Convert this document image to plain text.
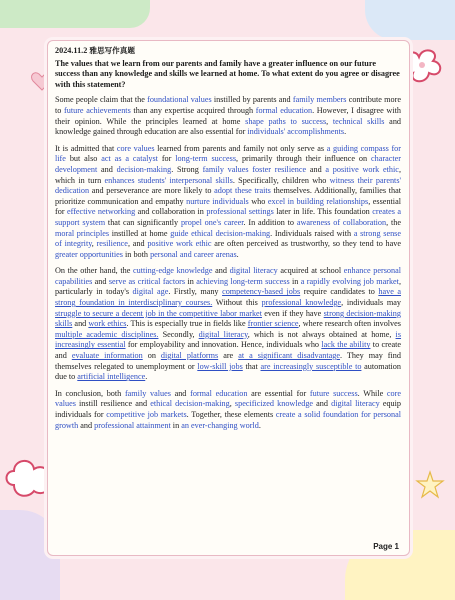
2024.11.2 雅思写作真题
The values that we learn from our parents and family have a greater influence on our future success than any knowledge and skills we learned at home. To what extent do you agree or disagree with this statement?

Some people claim that the foundational values instilled by parents and family members contribute more to future achievements than any expertise acquired through formal education. However, I disagree with their opinion. While the principles learned at home shape paths to success, technical skills and knowledge gained through education are also essential for individuals' accomplishments.

It is admitted that core values learned from parents and family not only serve as a guiding compass for life but also act as a catalyst for long-term success, primarily through their influence on character development and decision-making. Strong family values foster resilience and a positive work ethic, which in turn enhances students' interpersonal skills. Specifically, children who witness their parents' dedication and perseverance are more likely to adopt these traits themselves. Additionally, families that prioritize communication and empathy nurture individuals who excel in building relationships, essential for effective networking and collaboration in professional settings later in life. This foundation creates a support system that can significantly propel one's career. In addition to awareness of collaboration, the moral principles instilled at home guide ethical decision-making. Individuals raised with a strong sense of integrity, resilience, and positive work ethic are often perceived as trustworthy, so they tend to have greater opportunities in both personal and career arenas.

On the other hand, the cutting-edge knowledge and digital literacy acquired at school enhance personal capabilities and serve as critical factors in achieving long-term success in a rapidly evolving job market, particularly in today's digital age. Firstly, many competency-based jobs require candidates to have a strong foundation in interdisciplinary courses. Without this professional knowledge, individuals may struggle to secure a decent job in the competitive labor market even if they have strong decision-making skills and work ethics. This is especially true in fields like frontier science, where research often involves multiple academic disciplines. Secondly, digital literacy, which is not always obtained at home, is increasingly essential for employability and innovation. Hence, individuals who lack the ability to create and evaluate information on digital platforms are at a significant disadvantage. They may find themselves relegated to unemployment or low-skill jobs that are increasingly susceptible to automation due to artificial intelligence.

In conclusion, both family values and formal education are essential for future success. While core values instill resilience and ethical decision-making, specificized knowledge and digital literacy equip individuals for competitive job markets. Together, these elements create a solid foundation for personal growth and professional attainment in an ever-changing world.

Page 1
